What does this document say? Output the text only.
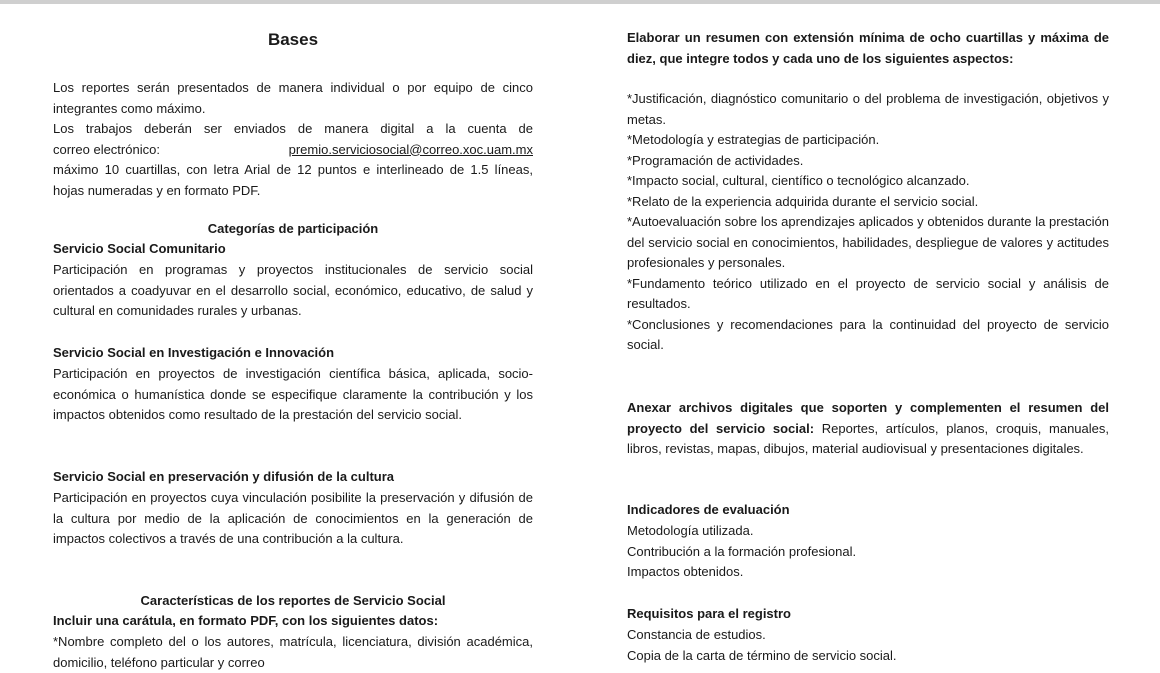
Bases
Los reportes serán presentados de manera individual o por equipo de cinco integrantes como máximo.
Los trabajos deberán ser enviados de manera digital a la cuenta de
correo electrónico:	premio.serviciosocial@correo.xoc.uam.mx
máximo 10 cuartillas, con letra Arial de 12 puntos e interlineado de 1.5 líneas, hojas numeradas y en formato PDF.
Categorías de participación
Servicio Social Comunitario
Participación en programas y proyectos institucionales de servicio social orientados a coadyuvar en el desarrollo social, económico, educativo, de salud y cultural en comunidades rurales y urbanas.
Servicio Social en Investigación e Innovación
Participación en proyectos de investigación científica básica, aplicada, socio-económica o humanística donde se especifique claramente la contribución y los impactos obtenidos como resultado de la prestación del servicio social.
Servicio Social en preservación y difusión de la cultura
Participación en proyectos cuya vinculación posibilite la preservación y difusión de la cultura por medio de la aplicación de conocimientos en la generación de impactos colectivos a través de una contribución a la cultura.
Características de los reportes de Servicio Social
Incluir una carátula, en formato PDF, con los siguientes datos:
*Nombre completo del o los autores, matrícula, licenciatura, división académica, domicilio, teléfono particular y correo
Elaborar un resumen con extensión mínima de ocho cuartillas y máxima de diez, que integre todos y cada uno de los siguientes aspectos:
*Justificación, diagnóstico comunitario o del problema de investigación, objetivos y metas.
*Metodología y estrategias de participación.
*Programación de actividades.
*Impacto social, cultural, científico o tecnológico alcanzado.
*Relato de la experiencia adquirida durante el servicio social.
*Autoevaluación sobre los aprendizajes aplicados y obtenidos durante la prestación del servicio social en conocimientos, habilidades, despliegue de valores y actitudes profesionales y personales.
*Fundamento teórico utilizado en el proyecto de servicio social y análisis de resultados.
*Conclusiones y recomendaciones para la continuidad del proyecto de servicio social.
Anexar archivos digitales que soporten y complementen el resumen del proyecto del servicio social: Reportes, artículos, planos, croquis, manuales, libros, revistas, mapas, dibujos, material audiovisual y presentaciones digitales.
Indicadores de evaluación
Metodología utilizada.
Contribución a la formación profesional.
Impactos obtenidos.
Requisitos para el registro
Constancia de estudios.
Copia de la carta de término de servicio social.
